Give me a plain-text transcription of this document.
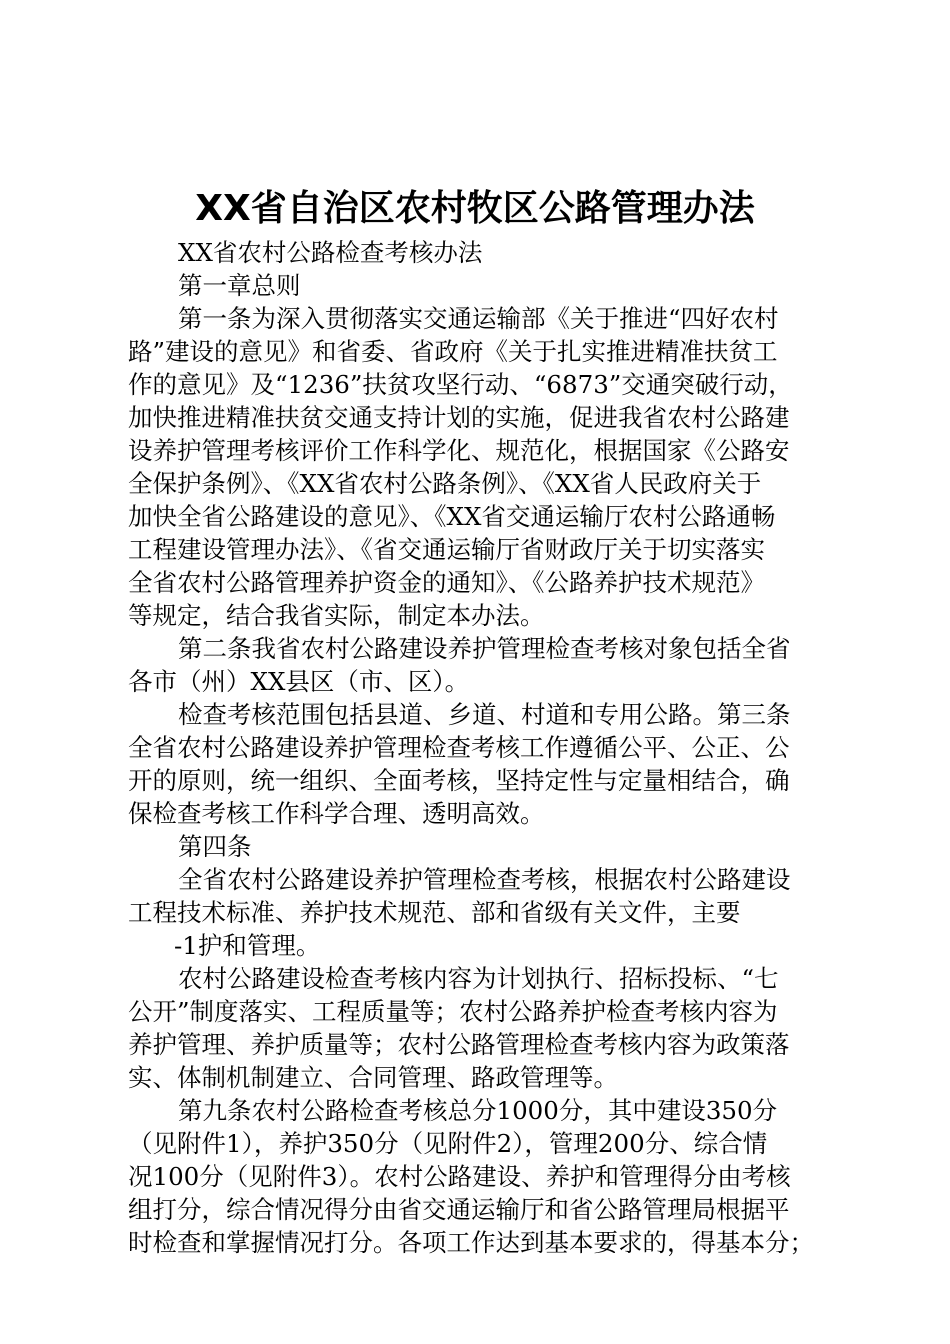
XX省自治区农村牧区公路管理办法
XX省农村公路检查考核办法
第一章总则
第一条为深入贯彻落实交通运输部《关于推进“四好农村
路”建设的意见》和省委、省政府《关于扎实推进精准扶贫工
作的意见》及“1236”扶贫攻坚行动、“6873”交通突破行动，
加快推进精准扶贫交通支持计划的实施，促进我省农村公路建
设养护管理考核评价工作科学化、规范化，根据国家《公路安
全保护条例》、《XX省农村公路条例》、《XX省人民政府关于
加快全省公路建设的意见》、《XX省交通运输厅农村公路通畅
工程建设管理办法》、《省交通运输厅省财政厅关于切实落实
全省农村公路管理养护资金的通知》、《公路养护技术规范》
等规定，结合我省实际，制定本办法。
第二条我省农村公路建设养护管理检查考核对象包括全省
各市（州）XX县区（市、区）。
检查考核范围包括县道、乡道、村道和专用公路。第三条
全省农村公路建设养护管理检查考核工作遵循公平、公正、公
开的原则，统一组织、全面考核，坚持定性与定量相结合，确
保检查考核工作科学合理、透明高效。
第四条
全省农村公路建设养护管理检查考核，根据农村公路建设
工程技术标准、养护技术规范、部和省级有关文件，主要
-1护和管理。
农村公路建设检查考核内容为计划执行、招标投标、“七
公开”制度落实、工程质量等；农村公路养护检查考核内容为
养护管理、养护质量等；农村公路管理检查考核内容为政策落
实、体制机制建立、合同管理、路政管理等。
第九条农村公路检查考核总分1000分，其中建设350分
（见附件1），养护350分（见附件2），管理200分、综合情
况100分（见附件3）。农村公路建设、养护和管理得分由考核
组打分，综合情况得分由省交通运输厅和省公路管理局根据平
时检查和掌握情况打分。各项工作达到基本要求的，得基本分；
